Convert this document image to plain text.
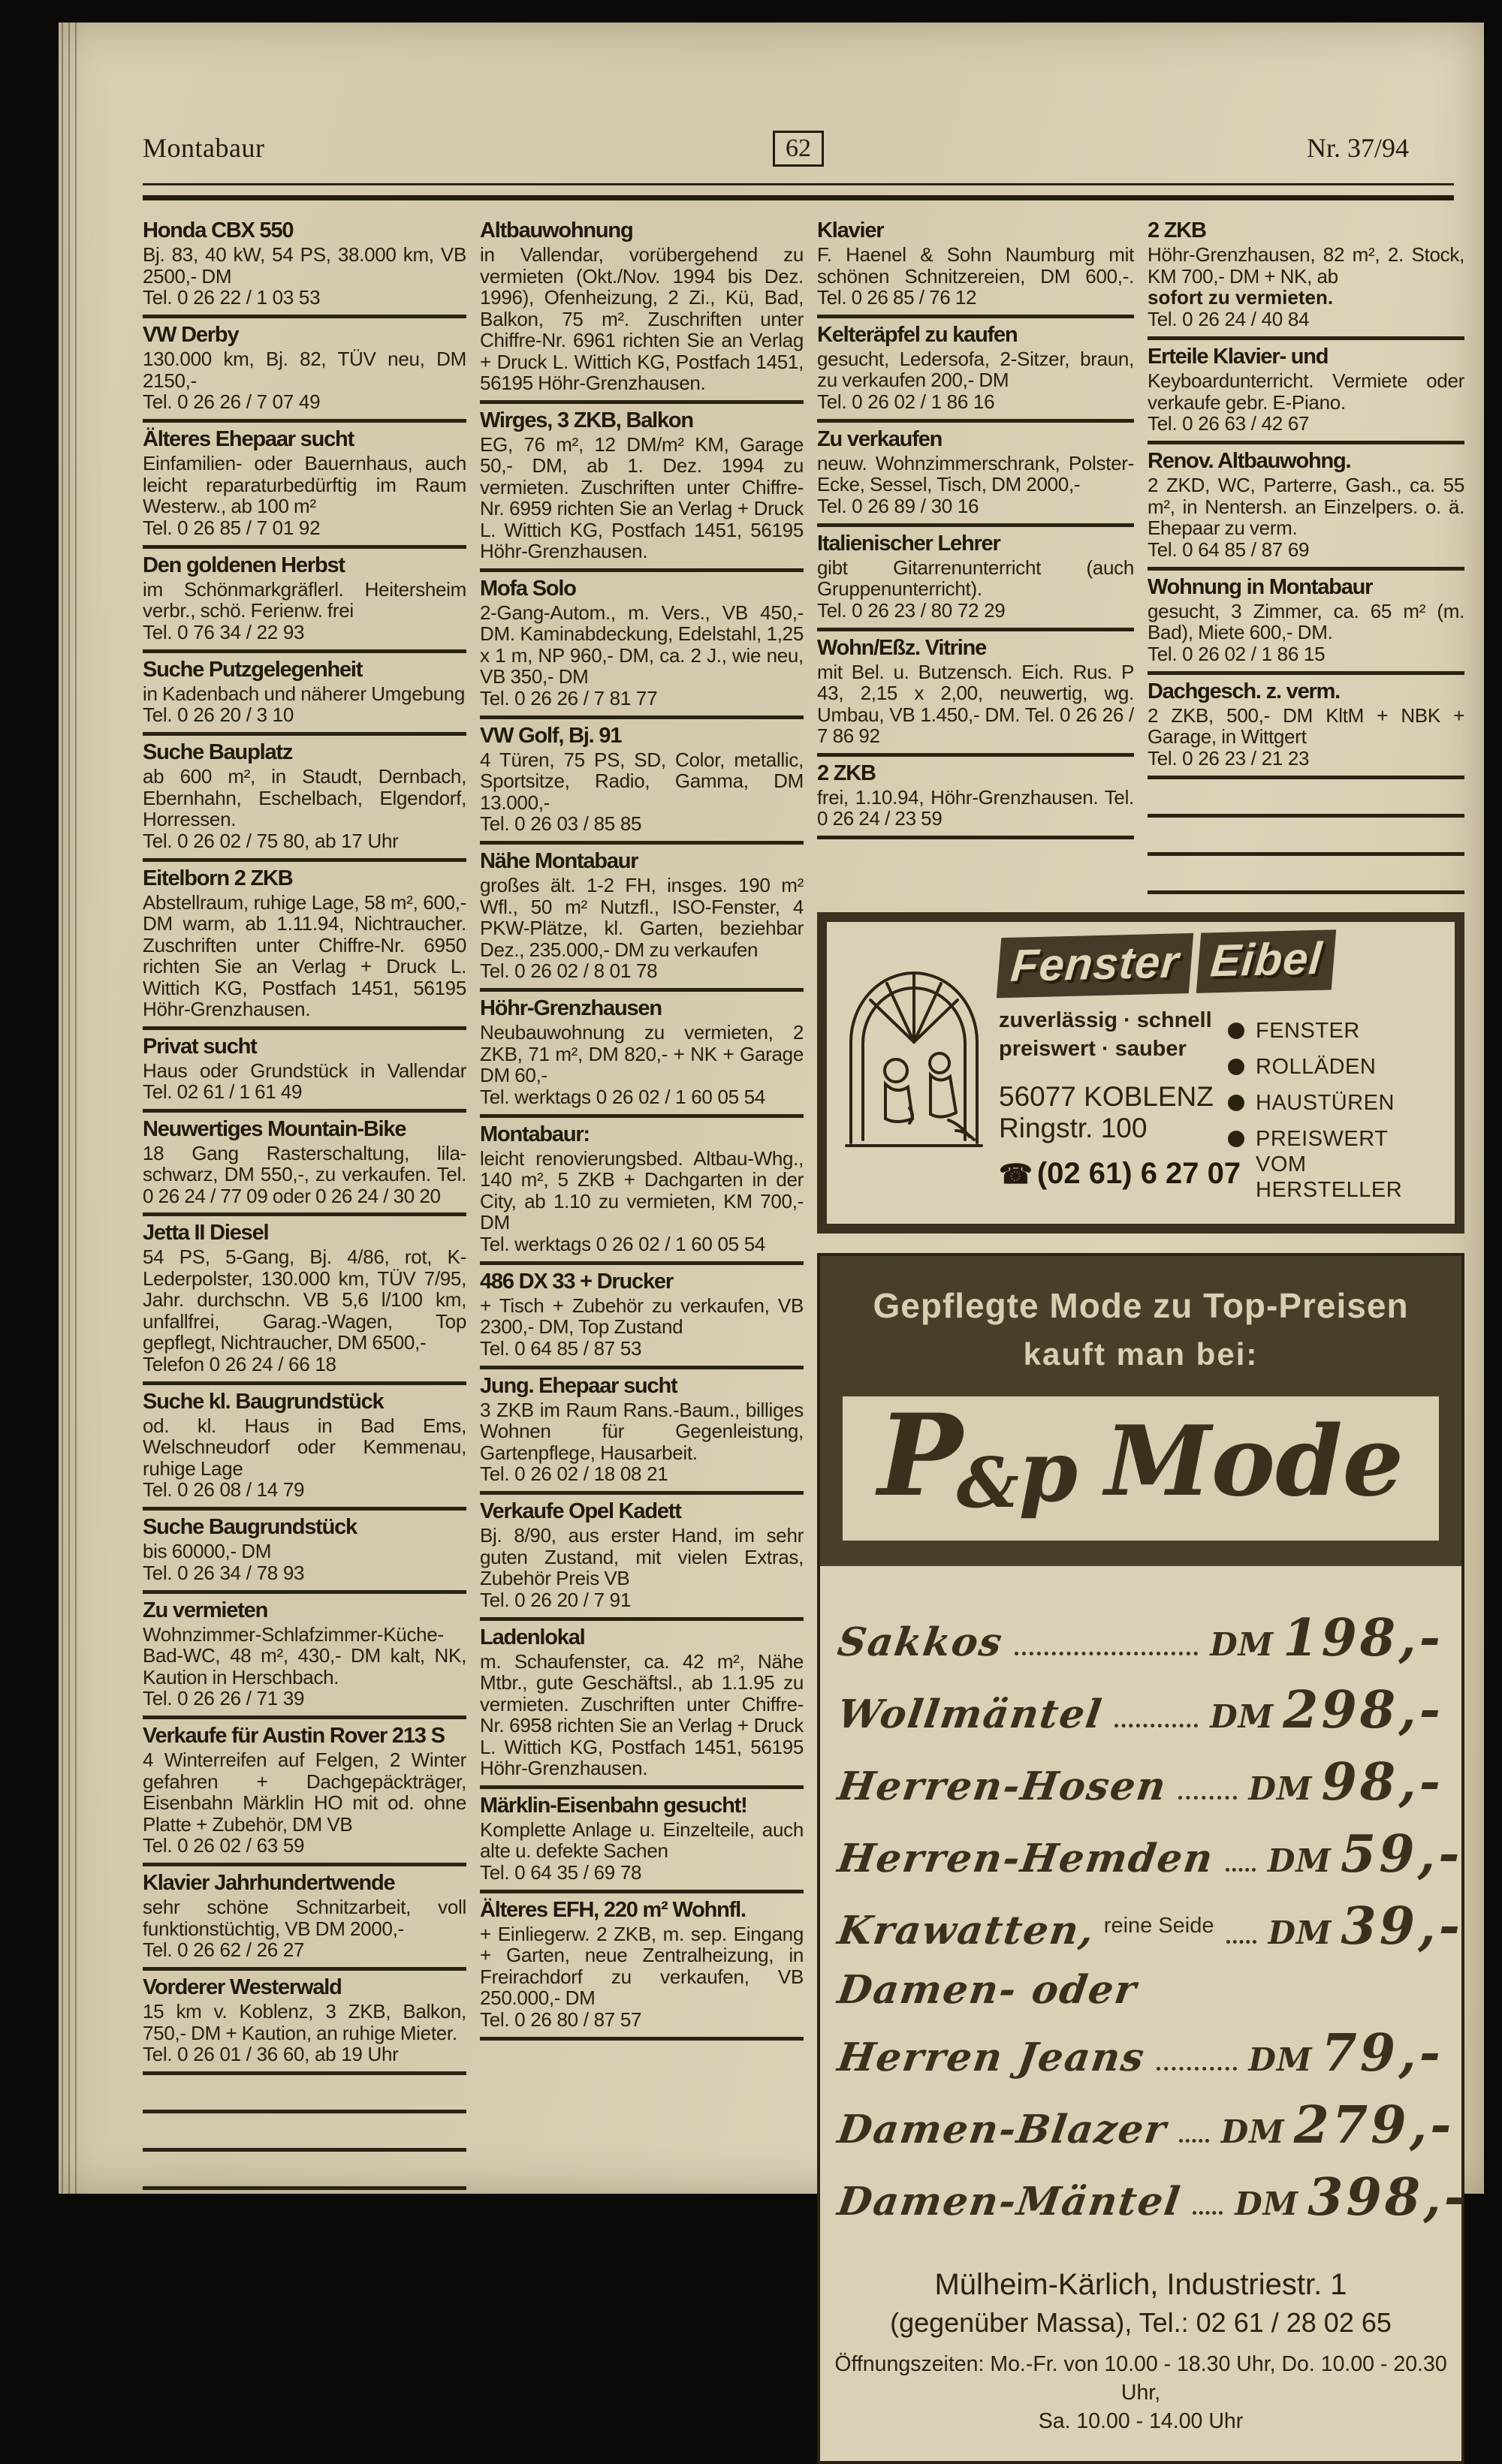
Montabaur	62	Nr. 37/94
Honda CBX 550
Bj. 83, 40 kW, 54 PS, 38.000 km, VB 2500,- DM
Tel. 0 26 22 / 1 03 53
VW Derby
130.000 km, Bj. 82, TÜV neu, DM 2150,-
Tel. 0 26 26 / 7 07 49
Älteres Ehepaar sucht
Einfamilien- oder Bauernhaus, auch leicht reparaturbedürftig im Raum Westerw., ab 100 m²
Tel. 0 26 85 / 7 01 92
Den goldenen Herbst
im Schönmarkgräflerl. Heitersheim verbr., schö. Ferienw. frei
Tel. 0 76 34 / 22 93
Suche Putzgelegenheit
in Kadenbach und näherer Umgebung
Tel. 0 26 20 / 3 10
Suche Bauplatz
ab 600 m², in Staudt, Dernbach, Ebernhahn, Eschelbach, Elgendorf, Horressen.
Tel. 0 26 02 / 75 80, ab 17 Uhr
Eitelborn 2 ZKB
Abstellraum, ruhige Lage, 58 m², 600,- DM warm, ab 1.11.94, Nichtraucher. Zuschriften unter Chiffre-Nr. 6950 richten Sie an Verlag + Druck L. Wittich KG, Postfach 1451, 56195 Höhr-Grenzhausen.
Privat sucht
Haus oder Grundstück in Vallendar Tel. 02 61 / 1 61 49
Neuwertiges Mountain-Bike
18 Gang Rasterschaltung, lila-schwarz, DM 550,-, zu verkaufen. Tel. 0 26 24 / 77 09 oder 0 26 24 / 30 20
Jetta II Diesel
54 PS, 5-Gang, Bj. 4/86, rot, K-Lederpolster, 130.000 km, TÜV 7/95, Jahr. durchschn. VB 5,6 l/100 km, unfallfrei, Garag.-Wagen, Top gepflegt, Nichtraucher, DM 6500,-
Telefon 0 26 24 / 66 18
Suche kl. Baugrundstück
od. kl. Haus in Bad Ems, Welschneudorf oder Kemmenau, ruhige Lage
Tel. 0 26 08 / 14 79
Suche Baugrundstück
bis 60000,- DM
Tel. 0 26 34 / 78 93
Zu vermieten
Wohnzimmer-Schlafzimmer-Küche-Bad-WC, 48 m², 430,- DM kalt, NK, Kaution in Herschbach.
Tel. 0 26 26 / 71 39
Verkaufe für Austin Rover 213 S
4 Winterreifen auf Felgen, 2 Winter gefahren + Dachgepäckträger, Eisenbahn Märklin HO mit od. ohne Platte + Zubehör, DM VB
Tel. 0 26 02 / 63 59
Klavier Jahrhundertwende
sehr schöne Schnitzarbeit, voll funktionstüchtig, VB DM 2000,-
Tel. 0 26 62 / 26 27
Vorderer Westerwald
15 km v. Koblenz, 3 ZKB, Balkon, 750,- DM + Kaution, an ruhige Mieter.
Tel. 0 26 01 / 36 60, ab 19 Uhr
Altbauwohnung
in Vallendar, vorübergehend zu vermieten (Okt./Nov. 1994 bis Dez. 1996), Ofenheizung, 2 Zi., Kü, Bad, Balkon, 75 m². Zuschriften unter Chiffre-Nr. 6961 richten Sie an Verlag + Druck L. Wittich KG, Postfach 1451, 56195 Höhr-Grenzhausen.
Wirges, 3 ZKB, Balkon
EG, 76 m², 12 DM/m² KM, Garage 50,- DM, ab 1. Dez. 1994 zu vermieten. Zuschriften unter Chiffre-Nr. 6959 richten Sie an Verlag + Druck L. Wittich KG, Postfach 1451, 56195 Höhr-Grenzhausen.
Mofa Solo
2-Gang-Autom., m. Vers., VB 450,- DM. Kaminabdeckung, Edelstahl, 1,25 x 1 m, NP 960,- DM, ca. 2 J., wie neu, VB 350,- DM
Tel. 0 26 26 / 7 81 77
VW Golf, Bj. 91
4 Türen, 75 PS, SD, Color, metallic, Sportsitze, Radio, Gamma, DM 13.000,-
Tel. 0 26 03 / 85 85
Nähe Montabaur
großes ält. 1-2 FH, insges. 190 m² Wfl., 50 m² Nutzfl., ISO-Fenster, 4 PKW-Plätze, kl. Garten, beziehbar Dez., 235.000,- DM zu verkaufen
Tel. 0 26 02 / 8 01 78
Höhr-Grenzhausen
Neubauwohnung zu vermieten, 2 ZKB, 71 m², DM 820,- + NK + Garage DM 60,-
Tel. werktags 0 26 02 / 1 60 05 54
Montabaur:
leicht renovierungsbed. Altbau-Whg., 140 m², 5 ZKB + Dachgarten in der City, ab 1.10 zu vermieten, KM 700,- DM
Tel. werktags 0 26 02 / 1 60 05 54
486 DX 33 + Drucker
+ Tisch + Zubehör zu verkaufen, VB 2300,- DM, Top Zustand
Tel. 0 64 85 / 87 53
Jung. Ehepaar sucht
3 ZKB im Raum Rans.-Baum., billiges Wohnen für Gegenleistung, Gartenpflege, Hausarbeit.
Tel. 0 26 02 / 18 08 21
Verkaufe Opel Kadett
Bj. 8/90, aus erster Hand, im sehr guten Zustand, mit vielen Extras, Zubehör Preis VB
Tel. 0 26 20 / 7 91
Ladenlokal
m. Schaufenster, ca. 42 m², Nähe Mtbr., gute Geschäftsl., ab 1.1.95 zu vermieten. Zuschriften unter Chiffre-Nr. 6958 richten Sie an Verlag + Druck L. Wittich KG, Postfach 1451, 56195 Höhr-Grenzhausen.
Märklin-Eisenbahn gesucht!
Komplette Anlage u. Einzelteile, auch alte u. defekte Sachen
Tel. 0 64 35 / 69 78
Älteres EFH, 220 m² Wohnfl.
+ Einliegerw. 2 ZKB, m. sep. Eingang + Garten, neue Zentralheizung, in Freirachdorf zu verkaufen, VB 250.000,- DM
Tel. 0 26 80 / 87 57
Klavier
F. Haenel & Sohn Naumburg mit schönen Schnitzereien, DM 600,-. Tel. 0 26 85 / 76 12
Kelteräpfel zu kaufen
gesucht, Ledersofa, 2-Sitzer, braun, zu verkaufen 200,- DM
Tel. 0 26 02 / 1 86 16
Zu verkaufen
neuw. Wohnzimmerschrank, Polster-Ecke, Sessel, Tisch, DM 2000,-
Tel. 0 26 89 / 30 16
Italienischer Lehrer
gibt Gitarrenunterricht (auch Gruppenunterricht).
Tel. 0 26 23 / 80 72 29
Wohn/Eßz. Vitrine
mit Bel. u. Butzensch. Eich. Rus. P 43, 2,15 x 2,00, neuwertig, wg. Umbau, VB 1.450,- DM. Tel. 0 26 26 / 7 86 92
2 ZKB
frei, 1.10.94, Höhr-Grenzhausen. Tel. 0 26 24 / 23 59
2 ZKB
Höhr-Grenzhausen, 82 m², 2. Stock, KM 700,- DM + NK, ab
sofort zu vermieten.
Tel. 0 26 24 / 40 84
Erteile Klavier- und
Keyboardunterricht. Vermiete oder verkaufe gebr. E-Piano.
Tel. 0 26 63 / 42 67
Renov. Altbauwohng.
2 ZKD, WC, Parterre, Gash., ca. 55 m², in Nentersh. an Einzelpers. o. ä. Ehepaar zu verm.
Tel. 0 64 85 / 87 69
Wohnung in Montabaur
gesucht, 3 Zimmer, ca. 65 m² (m. Bad), Miete 600,- DM.
Tel. 0 26 02 / 1 86 15
Dachgesch. z. verm.
2 ZKB, 500,- DM KltM + NBK + Garage, in Wittgert
Tel. 0 26 23 / 21 23
Fenster Eibel
zuverlässig · schnell
preiswert · sauber
56077 KOBLENZ
Ringstr. 100
☎ (02 61) 6 27 07
FENSTER
ROLLÄDEN
HAUSTÜREN
PREISWERT VOM HERSTELLER
Gepflegte Mode zu Top-Preisen
kauft man bei:
P&p Mode
Sakkos	DM 198,-
Wollmäntel	DM 298,-
Herren-Hosen DM 98,-
Herren-Hemden DM 59,-
Krawatten, reine Seide DM 39,-
Damen- oder
Herren Jeans	DM 79,-
Damen-Blazer DM 279,-
Damen-Mäntel DM 398,-
Mülheim-Kärlich, Industriestr. 1
(gegenüber Massa), Tel.: 02 61 / 28 02 65
Öffnungszeiten: Mo.-Fr. von 10.00 - 18.30 Uhr, Do. 10.00 - 20.30 Uhr,
Sa. 10.00 - 14.00 Uhr
